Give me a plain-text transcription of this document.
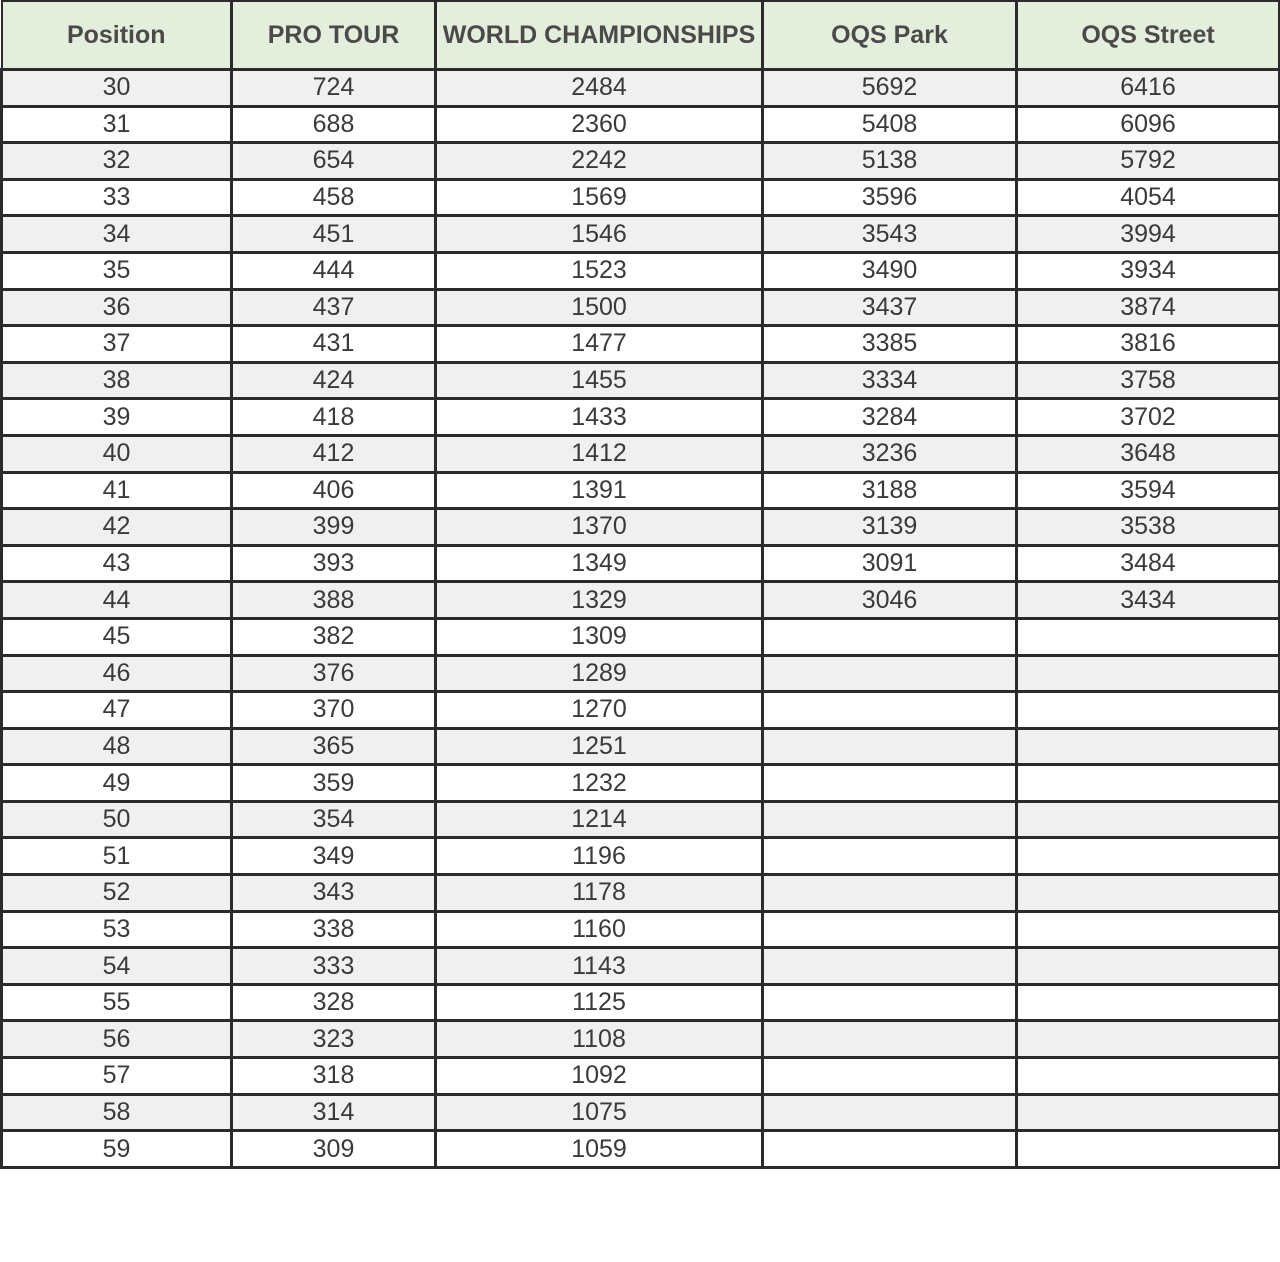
Position	PRO TOUR	WORLD CHAMPIONSHIPS	OQS Park	OQS Street
30	724	2484	5692	6416
31	688	2360	5408	6096
32	654	2242	5138	5792
33	458	1569	3596	4054
34	451	1546	3543	3994
35	444	1523	3490	3934
36	437	1500	3437	3874
37	431	1477	3385	3816
38	424	1455	3334	3758
39	418	1433	3284	3702
40	412	1412	3236	3648
41	406	1391	3188	3594
42	399	1370	3139	3538
43	393	1349	3091	3484
44	388	1329	3046	3434
45	382	1309		
46	376	1289		
47	370	1270		
48	365	1251		
49	359	1232		
50	354	1214		
51	349	1196		
52	343	1178		
53	338	1160		
54	333	1143		
55	328	1125		
56	323	1108		
57	318	1092		
58	314	1075		
59	309	1059		
